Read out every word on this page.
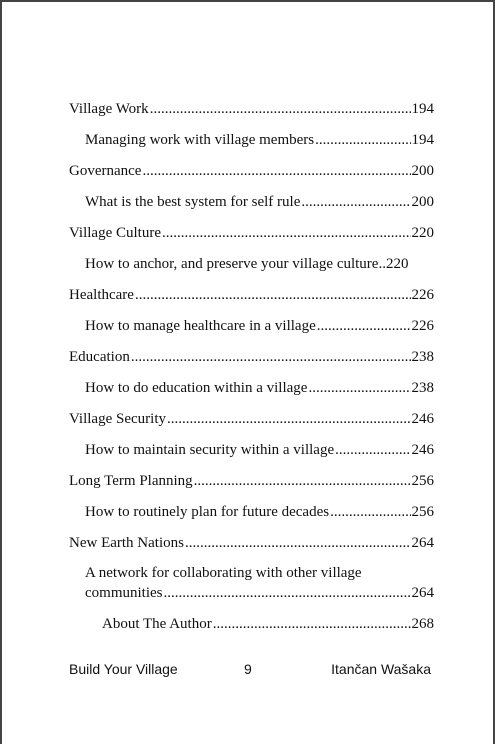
Village Work .....	194
Managing work with village members .....	194
Governance .....	200
What is the best system for self rule .....	200
Village Culture .....	220
How to anchor, and preserve your village culture. .220
Healthcare .....	226
How to manage healthcare in a village .....	226
Education .....	238
How to do education within a village .....	238
Village Security .....	246
How to maintain security within a village .....	246
Long Term Planning .....	256
How to routinely plan for future decades .....	256
New Earth Nations .....	264
A network for collaborating with other village
communities .....	264
About The Author .....	268
Build Your Village	9	Itančan Wašaka
